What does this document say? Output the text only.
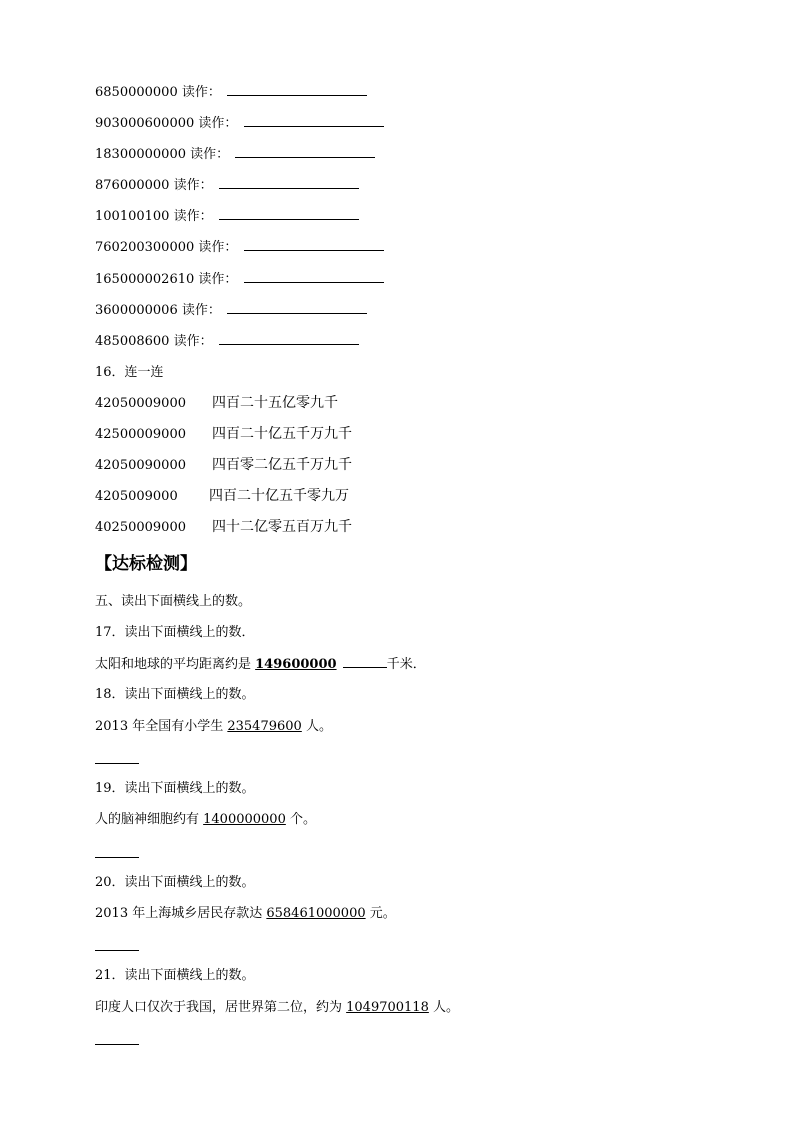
6850000000 读作：
903000600000 读作：
18300000000 读作：
876000000 读作：
100100100 读作：
760200300000 读作：
165000002610 读作：
3600000006 读作：
485008600 读作：
16．连一连
42050009000 四百二十五亿零九千
42500009000 四百二十亿五千万九千
42050090000 四百零二亿五千万九千
4205009000 四百二十亿五千零九万
40250009000 四十二亿零五百万九千
【达标检测】
五、读出下面横线上的数。
17．读出下面横线上的数．
太阳和地球的平均距离约是 149600000	千米．
18．读出下面横线上的数。
2013 年全国有小学生 235479600 人。
19．读出下面横线上的数。
人的脑神细胞约有 1400000000 个。
20．读出下面横线上的数。
2013 年上海城乡居民存款达 658461000000 元。
21．读出下面横线上的数。
印度人口仅次于我国，居世界第二位，约为 1049700118 人。
